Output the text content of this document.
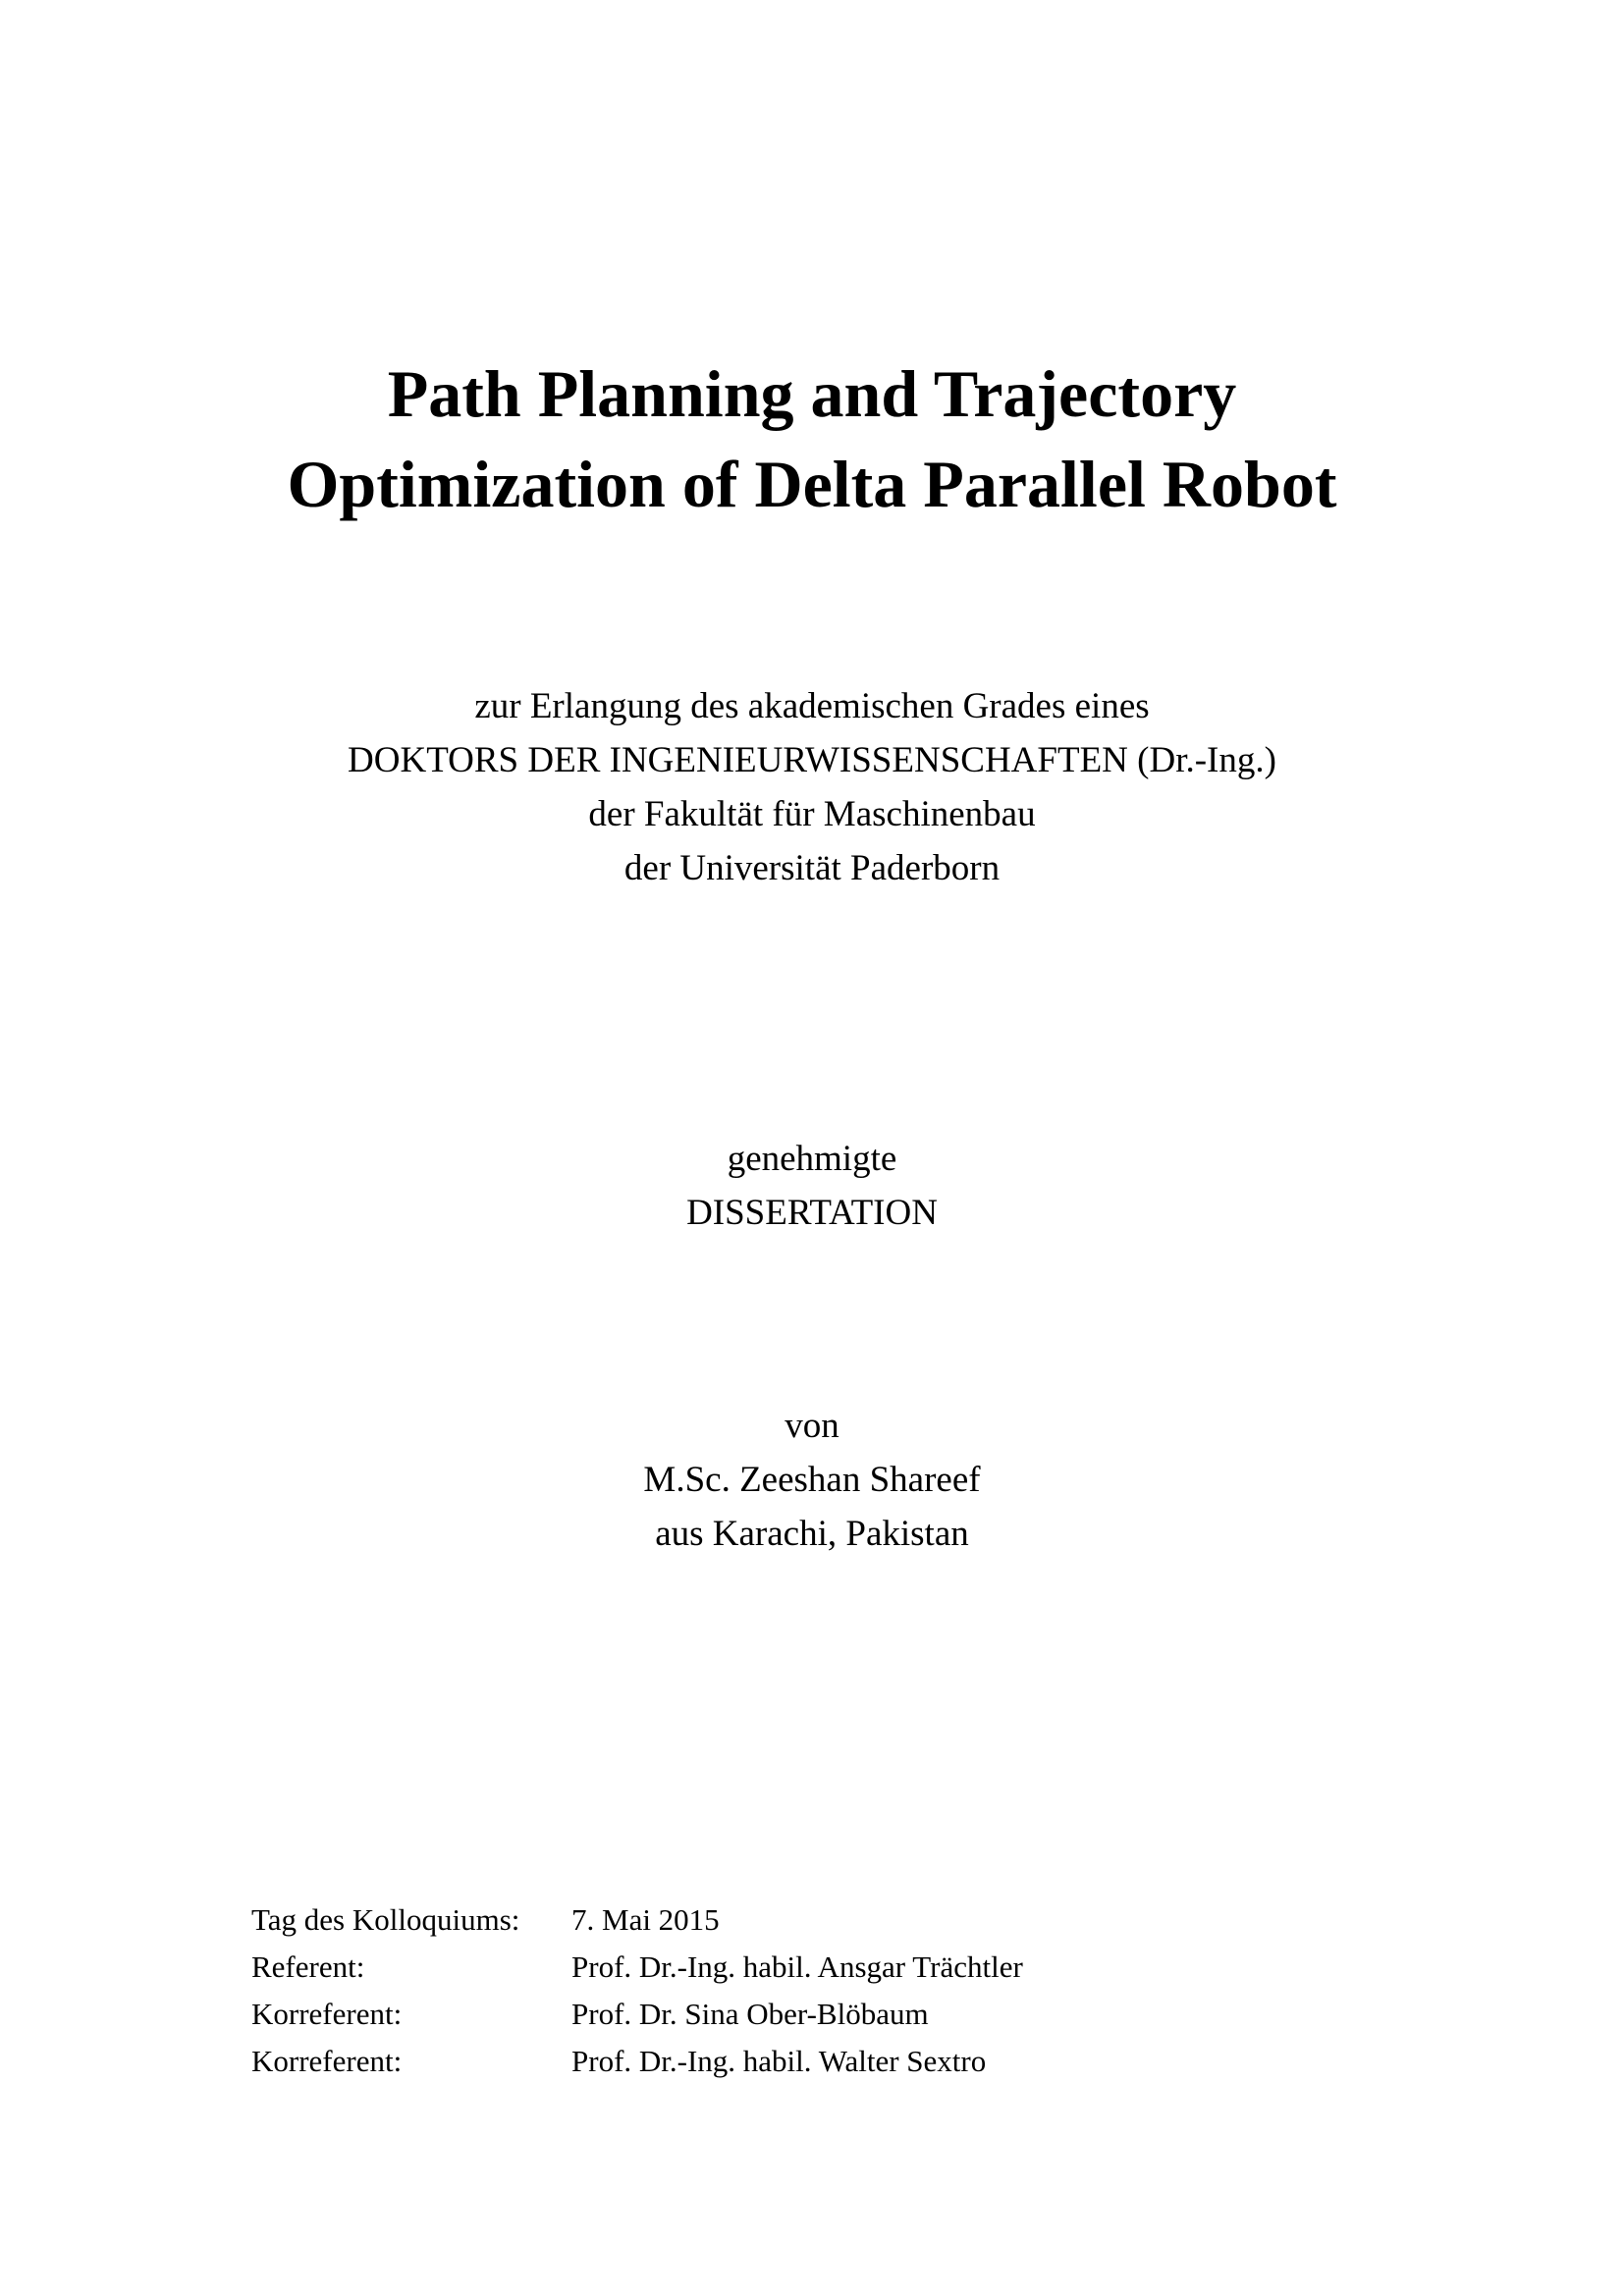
Path Planning and Trajectory
Optimization of Delta Parallel Robot
zur Erlangung des akademischen Grades eines
DOKTORS DER INGENIEURWISSENSCHAFTEN (Dr.-Ing.)
der Fakultät für Maschinenbau
der Universität Paderborn
genehmigte
DISSERTATION
von
M.Sc. Zeeshan Shareef
aus Karachi, Pakistan
Tag des Kolloquiums:	7. Mai 2015
Referent:	Prof. Dr.-Ing. habil. Ansgar Trächtler
Korreferent:	Prof. Dr. Sina Ober-Blöbaum
Korreferent:	Prof. Dr.-Ing. habil. Walter Sextro
